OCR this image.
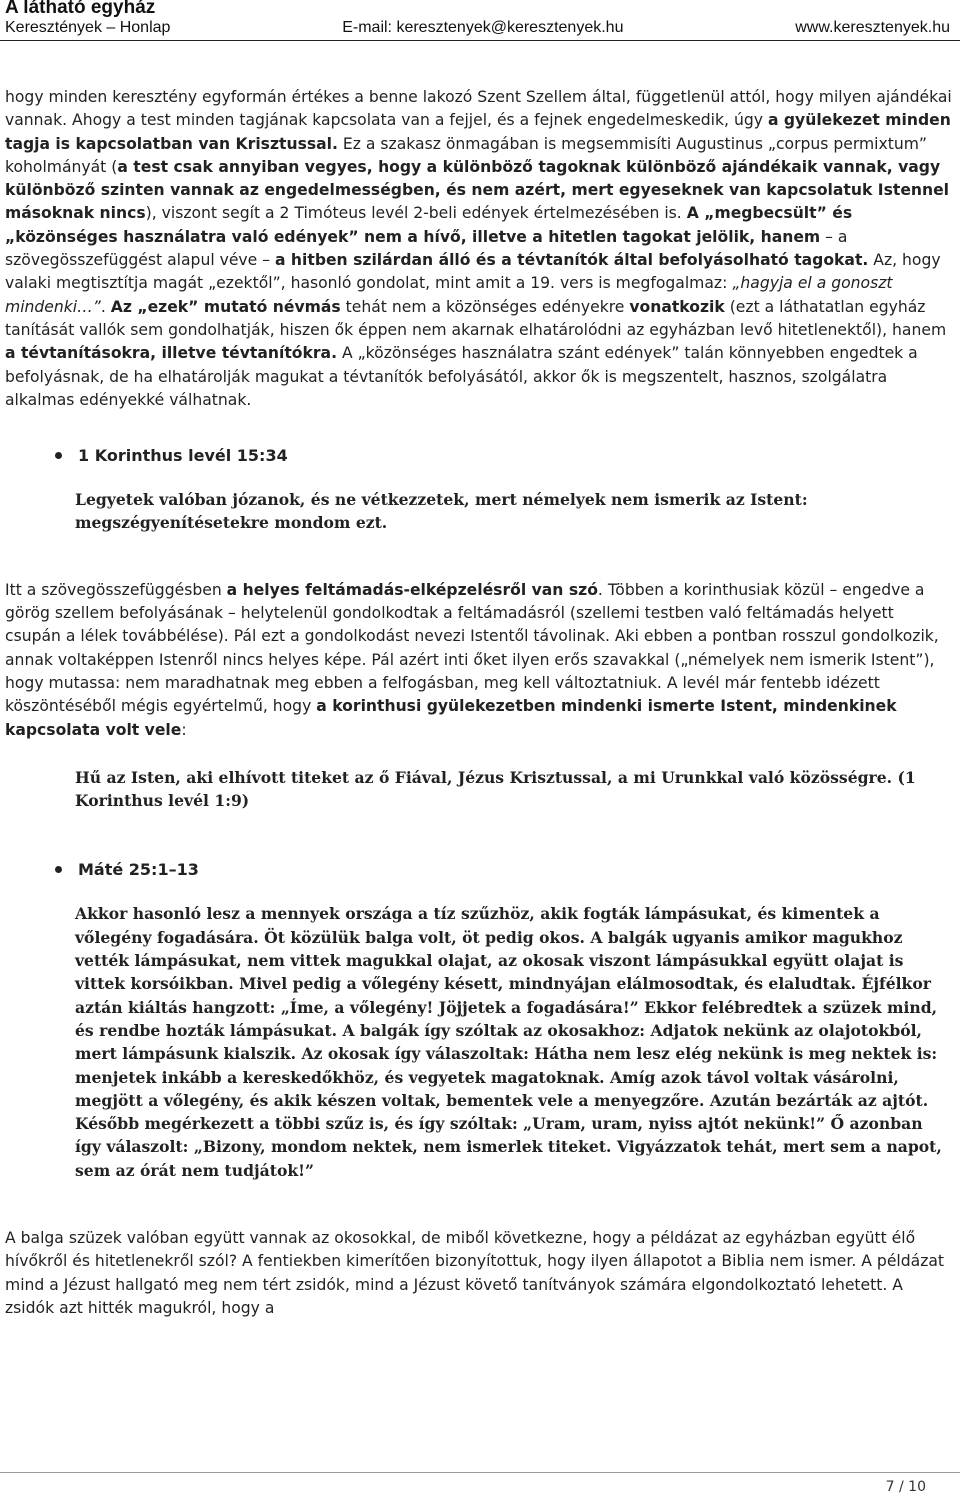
A látható egyház
Keresztények – Honlap	E-mail: keresztenyek@keresztenyek.hu	www.keresztenyek.hu

hogy minden keresztény egyformán értékes a benne lakozó Szent Szellem által, függetlenül attól, hogy milyen ajándékai vannak. Ahogy a test minden tagjának kapcsolata van a fejjel, és a fejnek engedelmeskedik, úgy a gyülekezet minden tagja is kapcsolatban van Krisztussal. Ez a szakasz önmagában is megsemmisíti Augustinus „corpus permixtum” koholmányát (a test csak annyiban vegyes, hogy a különböző tagoknak különböző ajándékaik vannak, vagy különböző szinten vannak az engedelmességben, és nem azért, mert egyeseknek van kapcsolatuk Istennel másoknak nincs), viszont segít a 2 Timóteus levél 2-beli edények értelmezésében is. A „megbecsült” és „közönséges használatra való edények” nem a hívő, illetve a hitetlen tagokat jelölik, hanem – a szövegösszefüggést alapul véve – a hitben szilárdan álló és a tévtanítók által befolyásolható tagokat. Az, hogy valaki megtisztítja magát „ezektől”, hasonló gondolat, mint amit a 19. vers is megfogalmaz: „hagyja el a gonoszt mindenki…”. Az „ezek” mutató névmás tehát nem a közönséges edényekre vonatkozik (ezt a láthatatlan egyház tanítását vallók sem gondolhatják, hiszen ők éppen nem akarnak elhatárolódni az egyházban levő hitetlenektől), hanem a tévtanításokra, illetve tévtanítókra. A „közönséges használatra szánt edények” talán könnyebben engedtek a befolyásnak, de ha elhatárolják magukat a tévtanítók befolyásától, akkor ők is megszentelt, hasznos, szolgálatra alkalmas edényekké válhatnak.

1 Korinthus levél 15:34

Legyetek valóban józanok, és ne vétkezzetek, mert némelyek nem ismerik az Istent: megszégyenítésetekre mondom ezt.

Itt a szövegösszefüggésben a helyes feltámadás-elképzelésről van szó. Többen a korinthusiak közül – engedve a görög szellem befolyásának – helytelenül gondolkodtak a feltámadásról (szellemi testben való feltámadás helyett csupán a lélek továbbélése). Pál ezt a gondolkodást nevezi Istentől távolinak. Aki ebben a pontban rosszul gondolkozik, annak voltaképpen Istenről nincs helyes képe. Pál azért inti őket ilyen erős szavakkal („némelyek nem ismerik Istent”), hogy mutassa: nem maradhatnak meg ebben a felfogásban, meg kell változtatniuk. A levél már fentebb idézett köszöntéséből mégis egyértelmű, hogy a korinthusi gyülekezetben mindenki ismerte Istent, mindenkinek kapcsolata volt vele:

Hű az Isten, aki elhívott titeket az ő Fiával, Jézus Krisztussal, a mi Urunkkal való közösségre. (1 Korinthus levél 1:9)

Máté 25:1–13

Akkor hasonló lesz a mennyek országa a tíz szűzhöz, akik fogták lámpásukat, és kimentek a vőlegény fogadására. Öt közülük balga volt, öt pedig okos. A balgák ugyanis amikor magukhoz vették lámpásukat, nem vittek magukkal olajat, az okosak viszont lámpásukkal együtt olajat is vittek korsóikban. Mivel pedig a vőlegény késett, mindnyájan elálmosodtak, és elaludtak. Éjfélkor aztán kiáltás hangzott: „Íme, a vőlegény! Jöjjetek a fogadására!” Ekkor felébredtek a szüzek mind, és rendbe hozták lámpásukat. A balgák így szóltak az okosakhoz: Adjatok nekünk az olajotokból, mert lámpásunk kialszik. Az okosak így válaszoltak: Hátha nem lesz elég nekünk is meg nektek is: menjetek inkább a kereskedőkhöz, és vegyetek magatoknak. Amíg azok távol voltak vásárolni, megjött a vőlegény, és akik készen voltak, bementek vele a menyegzőre. Azután bezárták az ajtót. Később megérkezett a többi szűz is, és így szóltak: „Uram, uram, nyiss ajtót nekünk!” Ő azonban így válaszolt: „Bizony, mondom nektek, nem ismerlek titeket. Vigyázzatok tehát, mert sem a napot, sem az órát nem tudjátok!”

A balga szüzek valóban együtt vannak az okosokkal, de miből következne, hogy a példázat az egyházban együtt élő hívőkről és hitetlenekről szól? A fentiekben kimerítően bizonyítottuk, hogy ilyen állapotot a Biblia nem ismer. A példázat mind a Jézust hallgató meg nem tért zsidók, mind a Jézust követő tanítványok számára elgondolkoztató lehetett. A zsidók azt hitték magukról, hogy a

7 / 10
